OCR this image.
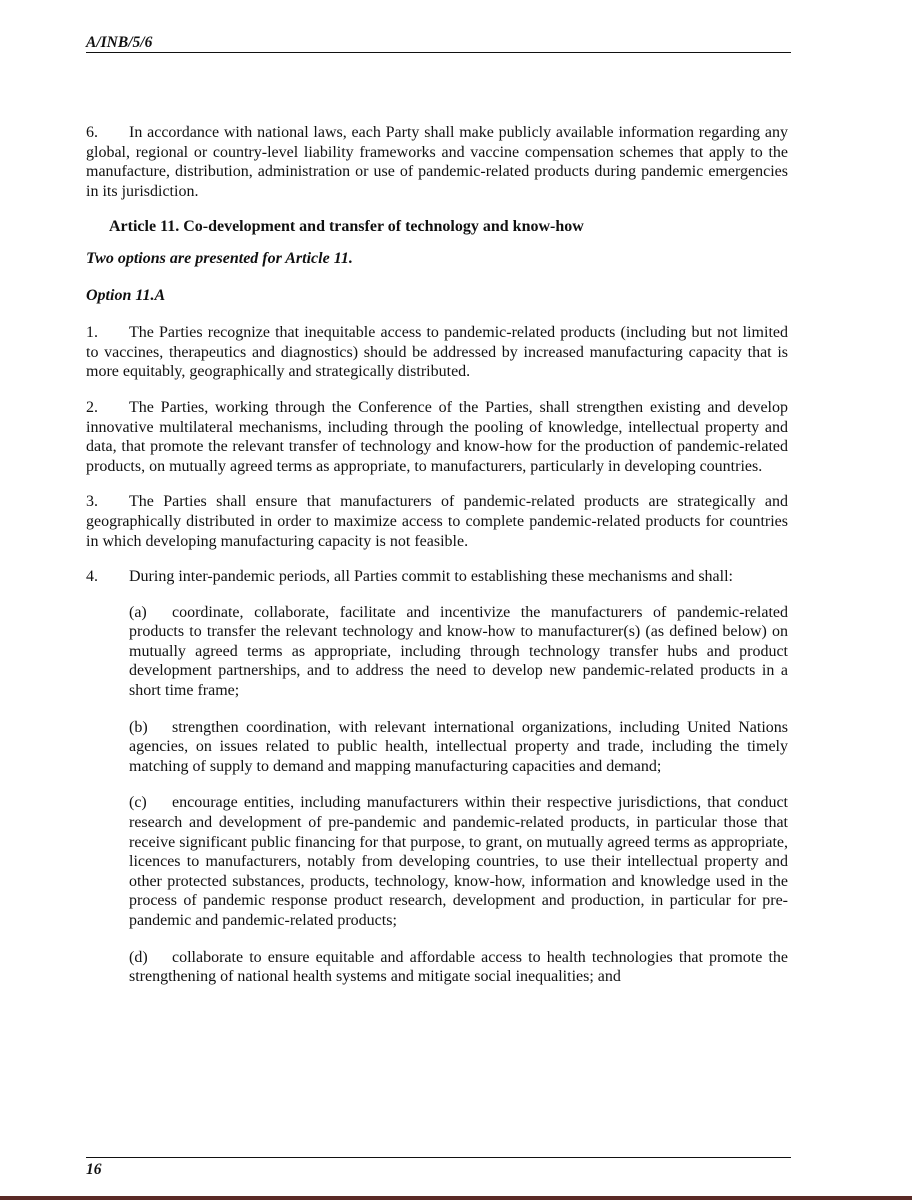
A/INB/5/6

6. In accordance with national laws, each Party shall make publicly available information regarding any global, regional or country-level liability frameworks and vaccine compensation schemes that apply to the manufacture, distribution, administration or use of pandemic-related products during pandemic emergencies in its jurisdiction.

Article 11. Co-development and transfer of technology and know-how
Two options are presented for Article 11.
Option 11.A

1. The Parties recognize that inequitable access to pandemic-related products (including but not limited to vaccines, therapeutics and diagnostics) should be addressed by increased manufacturing capacity that is more equitably, geographically and strategically distributed.

2. The Parties, working through the Conference of the Parties, shall strengthen existing and develop innovative multilateral mechanisms, including through the pooling of knowledge, intellectual property and data, that promote the relevant transfer of technology and know-how for the production of pandemic-related products, on mutually agreed terms as appropriate, to manufacturers, particularly in developing countries.

3. The Parties shall ensure that manufacturers of pandemic-related products are strategically and geographically distributed in order to maximize access to complete pandemic-related products for countries in which developing manufacturing capacity is not feasible.

4. During inter-pandemic periods, all Parties commit to establishing these mechanisms and shall:

(a) coordinate, collaborate, facilitate and incentivize the manufacturers of pandemic-related products to transfer the relevant technology and know-how to manufacturer(s) (as defined below) on mutually agreed terms as appropriate, including through technology transfer hubs and product development partnerships, and to address the need to develop new pandemic-related products in a short time frame;

(b) strengthen coordination, with relevant international organizations, including United Nations agencies, on issues related to public health, intellectual property and trade, including the timely matching of supply to demand and mapping manufacturing capacities and demand;

(c) encourage entities, including manufacturers within their respective jurisdictions, that conduct research and development of pre-pandemic and pandemic-related products, in particular those that receive significant public financing for that purpose, to grant, on mutually agreed terms as appropriate, licences to manufacturers, notably from developing countries, to use their intellectual property and other protected substances, products, technology, know-how, information and knowledge used in the process of pandemic response product research, development and production, in particular for pre-pandemic and pandemic-related products;

(d) collaborate to ensure equitable and affordable access to health technologies that promote the strengthening of national health systems and mitigate social inequalities; and

16
